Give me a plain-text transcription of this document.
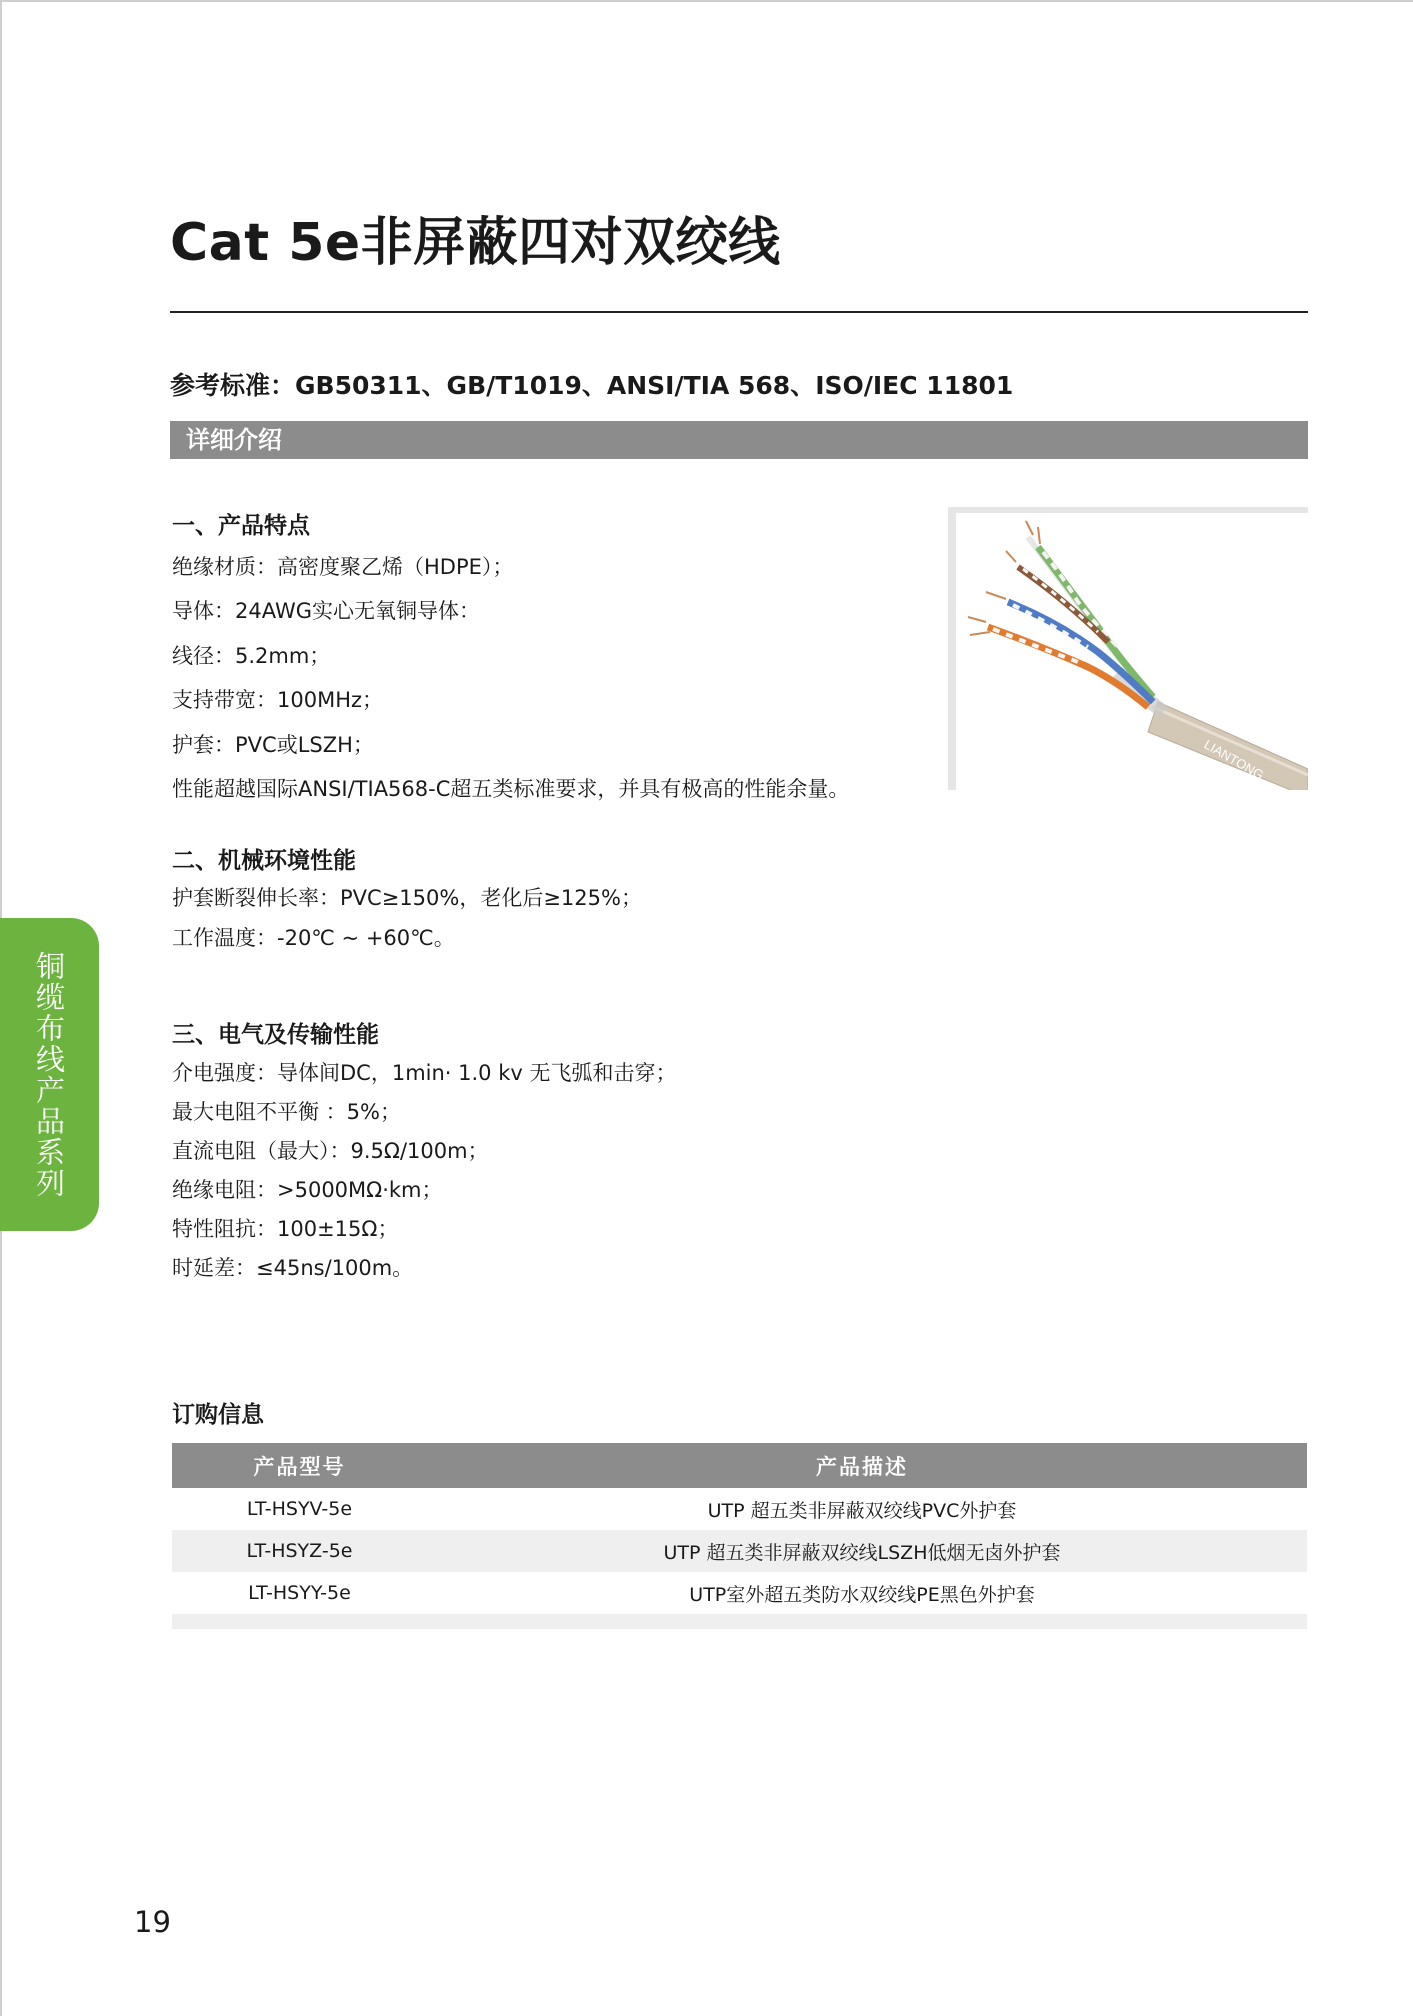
Cat 5e非屏蔽四对双绞线
参考标准：GB50311、GB/T1019、ANSI/TIA 568、ISO/IEC 11801
详细介绍
一、产品特点
绝缘材质：高密度聚乙烯（HDPE）；
导体：24AWG实心无氧铜导体：
线径：5.2mm；
支持带宽：100MHz；
护套：PVC或LSZH；
性能超越国际ANSI/TIA568-C超五类标准要求，并具有极高的性能余量。
二、机械环境性能
护套断裂伸长率：PVC≥150%，老化后≥125%；
工作温度：-20℃ ~ +60℃。
三、电气及传输性能
介电强度：导体间DC，1min· 1.0 kv 无飞弧和击穿；
最大电阻不平衡 ：5%；
直流电阻（最大）：9.5Ω/100m；
绝缘电阻：>5000MΩ·km；
特性阻抗：100±15Ω；
时延差：≤45ns/100m。
LIANTONG
铜缆布线产品系列
订购信息
产品型号	产品描述
LT-HSYV-5e	UTP 超五类非屏蔽双绞线PVC外护套
LT-HSYZ-5e	UTP 超五类非屏蔽双绞线LSZH低烟无卤外护套
LT-HSYY-5e	UTP室外超五类防水双绞线PE黑色外护套
19
